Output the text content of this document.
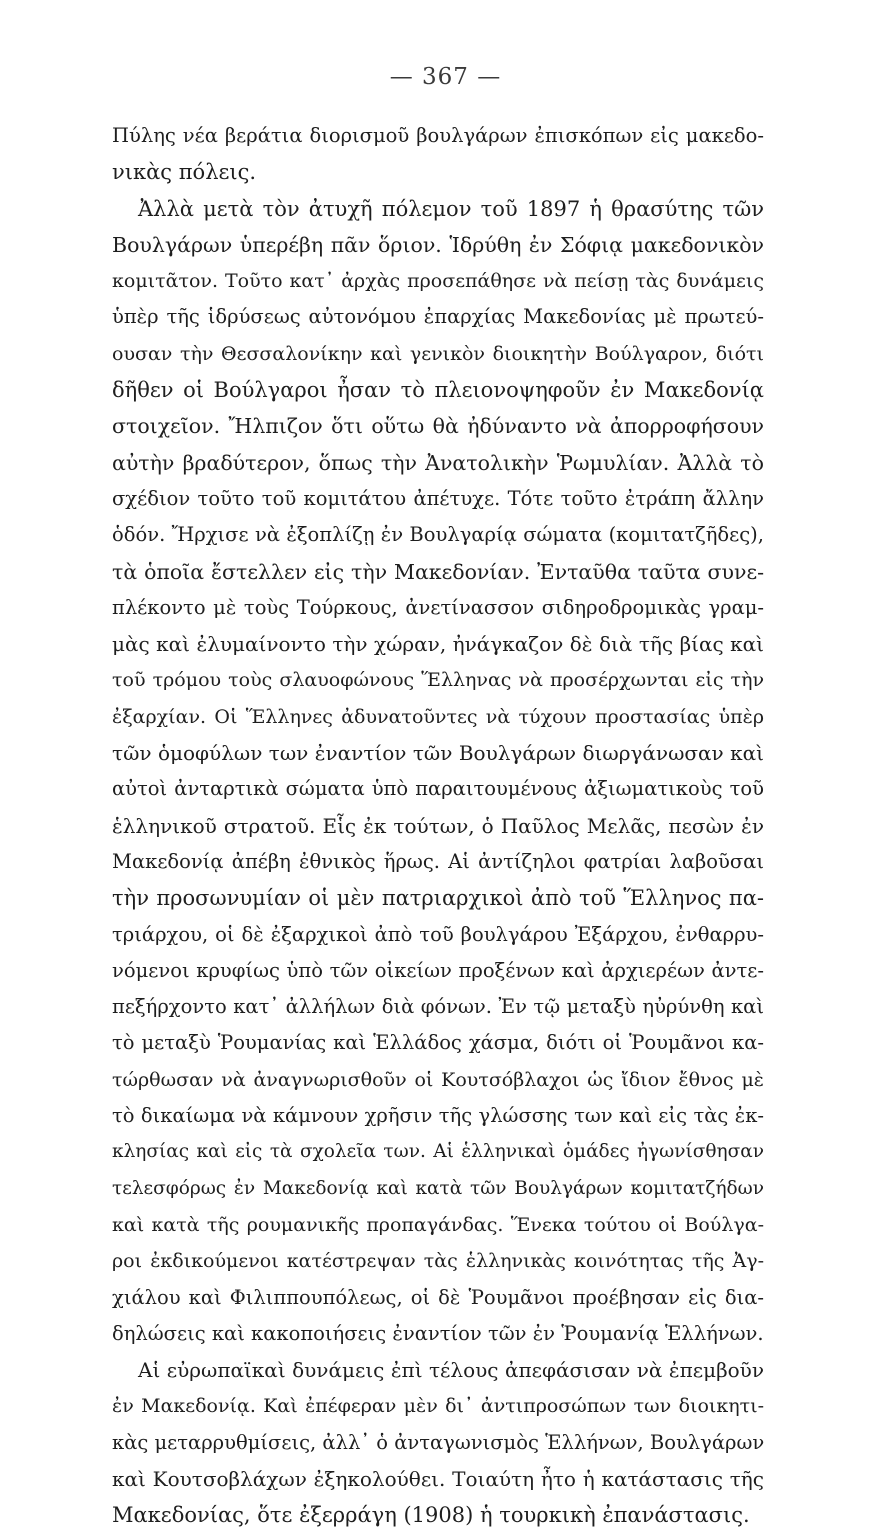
— 367 —
Πύλης νέα βεράτια διορισμοῦ βουλγάρων ἐπισκόπων εἰς μακεδο-
νικὰς πόλεις.
Ἀλλὰ μετὰ τὸν ἀτυχῆ πόλεμον τοῦ 1897 ἡ θρασύτης τῶν
Βουλγάρων ὑπερέβη πᾶν ὅριον. Ἱδρύθη ἐν Σόφιᾳ μακεδονικὸν
κομιτᾶτον. Τοῦτο κατ᾽ ἀρχὰς προσεπάθησε νὰ πείσῃ τὰς δυνάμεις
ὑπὲρ τῆς ἱδρύσεως αὐτονόμου ἐπαρχίας Μακεδονίας μὲ πρωτεύ-
ουσαν τὴν Θεσσαλονίκην καὶ γενικὸν διοικητὴν Βούλγαρον, διότι
δῆθεν οἱ Βούλγαροι ἦσαν τὸ πλειονοψηφοῦν ἐν Μακεδονίᾳ
στοιχεῖον. Ἤλπιζον ὅτι οὕτω θὰ ἠδύναντο νὰ ἀπορροφήσουν
αὐτὴν βραδύτερον, ὅπως τὴν Ἀνατολικὴν Ῥωμυλίαν. Ἀλλὰ τὸ
σχέδιον τοῦτο τοῦ κομιτάτου ἀπέτυχε. Τότε τοῦτο ἐτράπη ἄλλην
ὁδόν. Ἤρχισε νὰ ἐξοπλίζῃ ἐν Βουλγαρίᾳ σώματα (κομιτατζῆδες),
τὰ ὁποῖα ἔστελλεν εἰς τὴν Μακεδονίαν. Ἐνταῦθα ταῦτα συνε-
πλέκοντο μὲ τοὺς Τούρκους, ἀνετίνασσον σιδηροδρομικὰς γραμ-
μὰς καὶ ἐλυμαίνοντο τὴν χώραν, ἠνάγκαζον δὲ διὰ τῆς βίας καὶ
τοῦ τρόμου τοὺς σλαυοφώνους Ἕλληνας νὰ προσέρχωνται εἰς τὴν
ἐξαρχίαν. Οἱ Ἕλληνες ἀδυνατοῦντες νὰ τύχουν προστασίας ὑπὲρ
τῶν ὁμοφύλων των ἐναντίον τῶν Βουλγάρων διωργάνωσαν καὶ
αὐτοὶ ἀνταρτικὰ σώματα ὑπὸ παραιτουμένους ἀξιωματικοὺς τοῦ
ἑλληνικοῦ στρατοῦ. Εἷς ἐκ τούτων, ὁ Παῦλος Μελᾶς, πεσὼν ἐν
Μακεδονίᾳ ἀπέβη ἐθνικὸς ἥρως. Αἱ ἀντίζηλοι φατρίαι λαβοῦσαι
τὴν προσωνυμίαν οἱ μὲν πατριαρχικοὶ ἀπὸ τοῦ Ἕλληνος πα-
τριάρχου, οἱ δὲ ἐξαρχικοὶ ἀπὸ τοῦ βουλγάρου Ἐξάρχου, ἐνθαρρυ-
νόμενοι κρυφίως ὑπὸ τῶν οἰκείων προξένων καὶ ἀρχιερέων ἀντε-
πεξήρχοντο κατ᾽ ἀλλήλων διὰ φόνων. Ἐν τῷ μεταξὺ ηὐρύνθη καὶ
τὸ μεταξὺ Ῥουμανίας καὶ Ἑλλάδος χάσμα, διότι οἱ Ῥουμᾶνοι κα-
τώρθωσαν νὰ ἀναγνωρισθοῦν οἱ Κουτσόβλαχοι ὡς ἴδιον ἔθνος μὲ
τὸ δικαίωμα νὰ κάμνουν χρῆσιν τῆς γλώσσης των καὶ εἰς τὰς ἐκ-
κλησίας καὶ εἰς τὰ σχολεῖα των. Αἱ ἑλληνικαὶ ὁμάδες ἠγωνίσθησαν
τελεσφόρως ἐν Μακεδονίᾳ καὶ κατὰ τῶν Βουλγάρων κομιτατζήδων
καὶ κατὰ τῆς ρουμανικῆς προπαγάνδας. Ἕνεκα τούτου οἱ Βούλγα-
ροι ἐκδικούμενοι κατέστρεψαν τὰς ἑλληνικὰς κοινότητας τῆς Ἀγ-
χιάλου καὶ Φιλιππουπόλεως, οἱ δὲ Ῥουμᾶνοι προέβησαν εἰς δια-
δηλώσεις καὶ κακοποιήσεις ἐναντίον τῶν ἐν Ῥουμανίᾳ Ἑλλήνων.
Αἱ εὐρωπαϊκαὶ δυνάμεις ἐπὶ τέλους ἀπεφάσισαν νὰ ἐπεμβοῦν
ἐν Μακεδονίᾳ. Καὶ ἐπέφεραν μὲν δι᾽ ἀντιπροσώπων των διοικητι-
κὰς μεταρρυθμίσεις, ἀλλ᾽ ὁ ἀνταγωνισμὸς Ἑλλήνων, Βουλγάρων
καὶ Κουτσοβλάχων ἐξηκολούθει. Τοιαύτη ἦτο ἡ κατάστασις τῆς
Μακεδονίας, ὅτε ἐξερράγη (1908) ἡ τουρκικὴ ἐπανάστασις.
